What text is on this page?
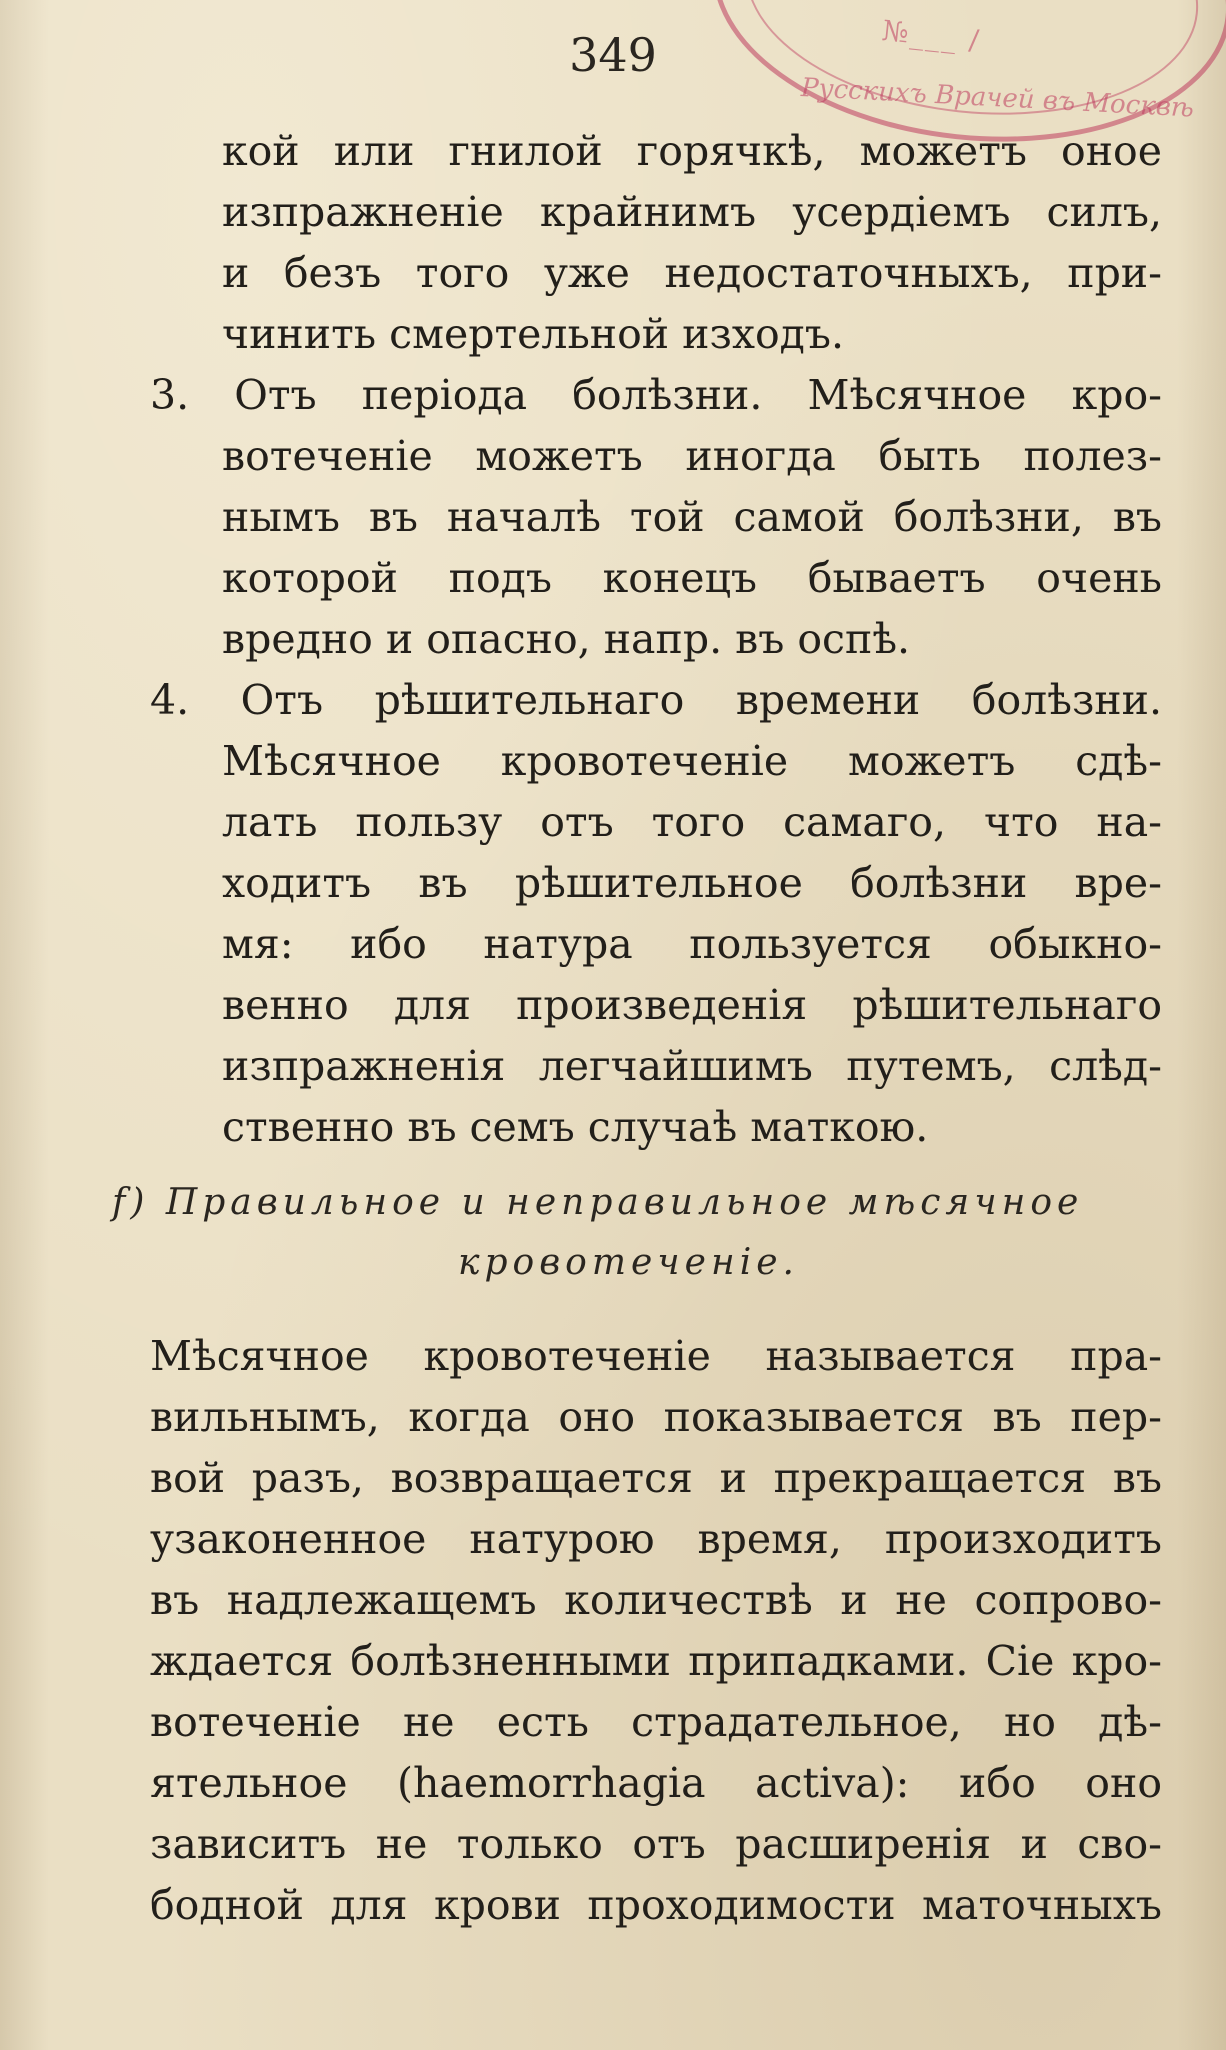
№___ /
Русскихъ Врачей въ Москвѣ
349
кой или гнилой горячкѣ, можетъ оное
изпражненіе крайнимъ усердіемъ силъ,
и безъ того уже недостаточныхъ, при-
чинить смертельной изходъ.
3. Отъ періода болѣзни. Мѣсячное кро-
вотеченіе можетъ иногда быть полез-
нымъ въ началѣ той самой болѣзни, въ
которой подъ конецъ бываетъ очень
вредно и опасно, напр. въ оспѣ.
4. Отъ рѣшительнаго времени болѣзни.
Мѣсячное кровотеченіе можетъ сдѣ-
лать пользу отъ того самаго, что на-
ходитъ въ рѣшительное болѣзни вре-
мя: ибо натура пользуется обыкно-
венно для произведенія рѣшительнаго
изпражненія легчайшимъ путемъ, слѣд-
ственно въ семъ случаѣ маткою.
f) Правильное и неправильное мѣсячное
кровотеченіе.
Мѣсячное кровотеченіе называется пра-
вильнымъ, когда оно показывается въ пер-
вой разъ, возвращается и прекращается въ
узаконенное натурою время, произходитъ
въ надлежащемъ количествѣ и не сопрово-
ждается болѣзненными припадками. Сіе кро-
вотеченіе не есть страдательное, но дѣ-
ятельное (haemorrhagia activa): ибо оно
зависитъ не только отъ расширенія и сво-
бодной для крови проходимости маточныхъ
